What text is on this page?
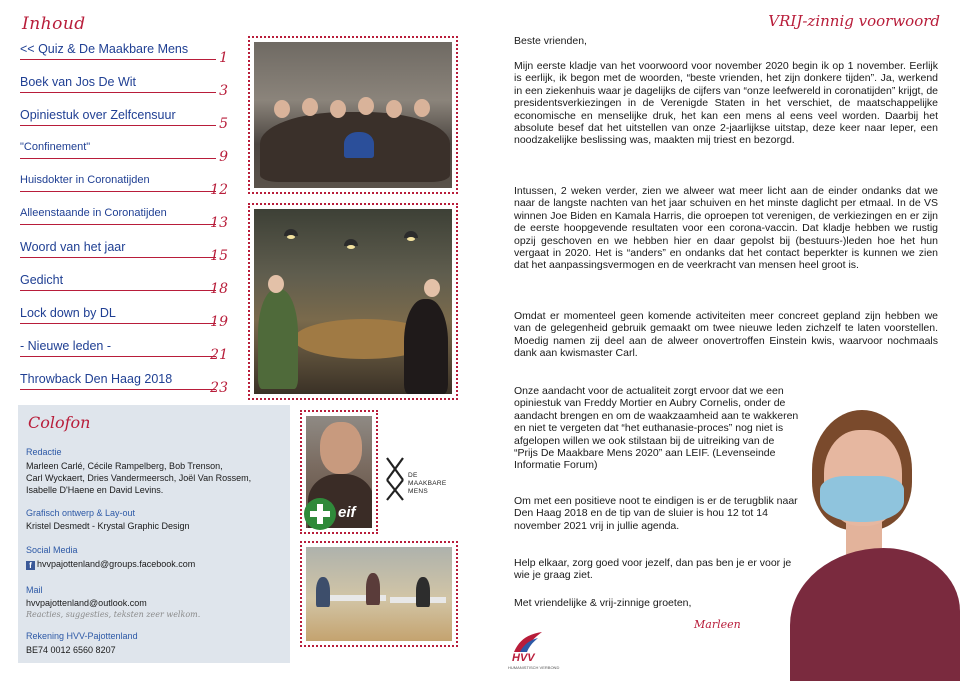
Inhoud
<< Quiz & De Maakbare Mens
1
Boek van Jos De Wit
3
Opiniestuk over Zelfcensuur
5
"Confinement"
9
Huisdokter in Coronatijden
12
Alleenstaande in Coronatijden
13
Woord van het jaar
15
Gedicht
18
Lock down by DL
19
- Nieuwe leden -
21
Throwback Den Haag 2018
23
eif
DE
MAAKBARE
MENS
Colofon
Redactie
Marleen Carlé, Cécile Rampelberg, Bob Trenson,
Carl Wyckaert, Dries Vandermeersch, Joël Van Rossem,
Isabelle D'Haene en David Levins.
Grafisch ontwerp & Lay-out
Kristel Desmedt - Krystal Graphic Design
Social Media
f hvvpajottenland@groups.facebook.com
Mail
hvvpajottenland@outlook.com
Reacties, suggesties, teksten zeer welkom.
Rekening HVV-Pajottenland
BE74 0012 6560 8207
VRIJ-zinnig voorwoord

Beste vrienden,

Mijn eerste kladje van het voorwoord voor november 2020 begin ik op 1 november. Eerlijk is eerlijk, ik begon met de woorden, “beste vrienden, het zijn donkere tijden”. Ja, werkend in een ziekenhuis waar je dagelijks de cijfers van “onze leefwereld in coronatijden” krijgt, de presidentsverkiezingen in de Verenigde Staten in het verschiet, de maatschappelijke economische en menselijke druk, het kan een mens al eens veel worden. Daarbij het absolute besef dat het uitstellen van onze 2-jaarlijkse uitstap, deze keer naar Ieper, een noodzakelijke beslissing was, maakten mij triest en bezorgd.

Intussen, 2 weken verder, zien we alweer wat meer licht aan de einder ondanks dat we naar de langste nachten van het jaar schuiven en het minste daglicht per etmaal. In de VS winnen Joe Biden en Kamala Harris, die oproepen tot verenigen, de verkiezingen en er zijn de eerste hoopgevende resultaten voor een corona-vaccin. Dat kladje hebben we rustig opzij geschoven en we hebben hier en daar gepolst bij (bestuurs-)leden hoe het hun vergaat in 2020. Het is “anders” en ondanks dat het contact beperkter is kunnen we zien dat het aanpassingsvermogen en de veerkracht van mensen heel groot is.

Omdat er momenteel geen komende activiteiten meer concreet gepland zijn hebben we van de gelegenheid gebruik gemaakt om twee nieuwe leden zichzelf te laten voorstellen. Moedig namen zij deel aan de alweer onovertroffen Einstein kwis, waarvoor nochmaals dank aan kwismaster Carl.

Onze aandacht voor de actualiteit zorgt ervoor dat we een opiniestuk van Freddy Mortier en Aubry Cornelis, onder de aandacht brengen en om de waakzaamheid aan te wakkeren en niet te vergeten dat “het euthanasie-proces” nog niet is afgelopen willen we ook stilstaan bij de uitreiking van de “Prijs De Maakbare Mens 2020” aan LEIF. (Levenseinde Informatie Forum)

Om met een positieve noot te eindigen is er de terugblik naar Den Haag 2018 en de tip van de sluier is hou 12 tot 14 november 2021 vrij in jullie agenda.

Help elkaar, zorg goed voor jezelf, dan pas ben je er voor je wie je graag ziet.

Met vriendelijke & vrij-zinnige groeten,

Marleen
HVV
HUMANISTISCH VERBOND
